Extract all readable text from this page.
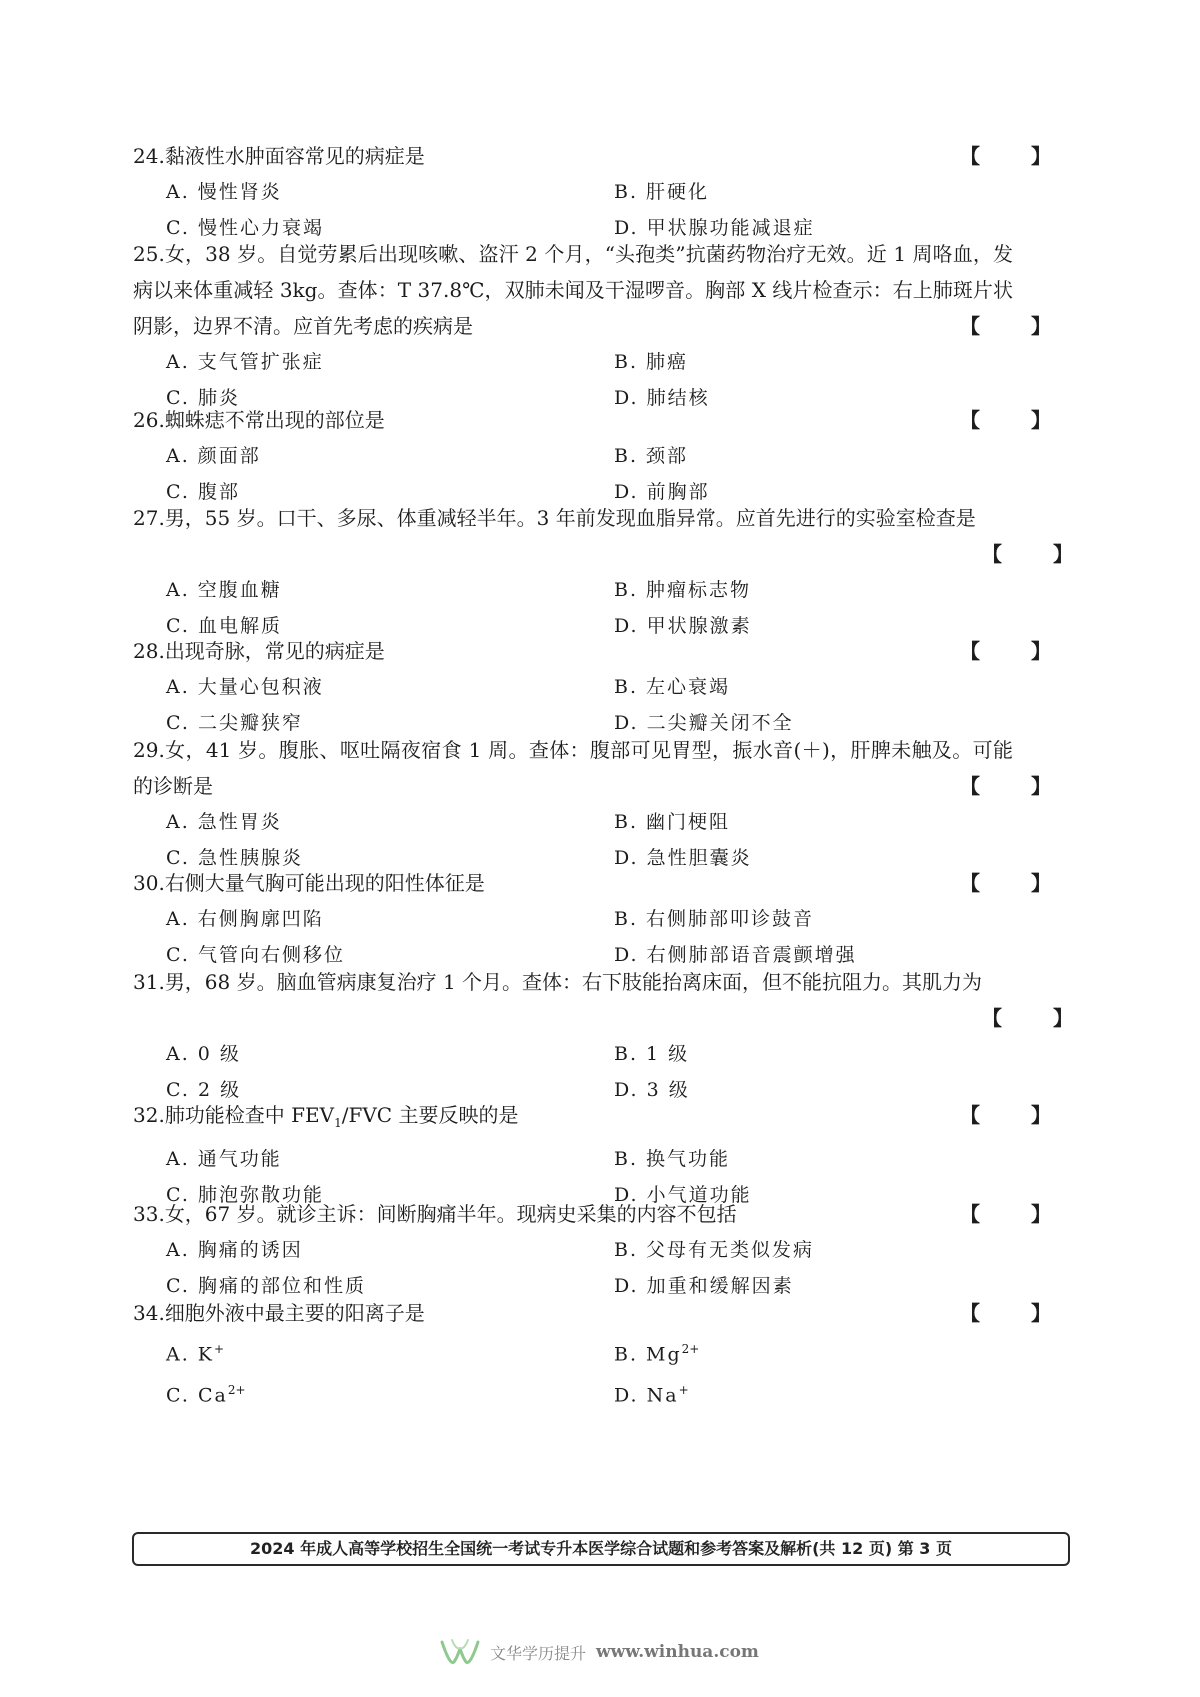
24.黏液性水肿面容常见的病症是	【 】

A. 慢性肾炎	B. 肝硬化
C. 慢性心力衰竭	D. 甲状腺功能减退症

25.女，38 岁。自觉劳累后出现咳嗽、盗汗 2 个月，“头孢类”抗菌药物治疗无效。近 1 周咯血，发病以来体重减轻 3kg。查体：T 37.8℃，双肺未闻及干湿啰音。胸部 X 线片检查示：右上肺斑片状阴影，边界不清。应首先考虑的疾病是	【 】

A. 支气管扩张症	B. 肺癌
C. 肺炎	D. 肺结核

26.蜘蛛痣不常出现的部位是	【 】

A. 颜面部	B. 颈部
C. 腹部	D. 前胸部

27.男，55 岁。口干、多尿、体重减轻半年。3 年前发现血脂异常。应首先进行的实验室检查是

【 】
A. 空腹血糖	B. 肿瘤标志物
C. 血电解质	D. 甲状腺激素

28.出现奇脉，常见的病症是	【 】

A. 大量心包积液	B. 左心衰竭
C. 二尖瓣狭窄	D. 二尖瓣关闭不全

29.女，41 岁。腹胀、呕吐隔夜宿食 1 周。查体：腹部可见胃型，振水音(＋)，肝脾未触及。可能的诊断是	【 】

A. 急性胃炎	B. 幽门梗阻
C. 急性胰腺炎	D. 急性胆囊炎

30.右侧大量气胸可能出现的阳性体征是	【 】

A. 右侧胸廓凹陷	B. 右侧肺部叩诊鼓音
C. 气管向右侧移位	D. 右侧肺部语音震颤增强

31.男，68 岁。脑血管病康复治疗 1 个月。查体：右下肢能抬离床面，但不能抗阻力。其肌力为

【 】
A. 0 级	B. 1 级
C. 2 级	D. 3 级

32.肺功能检查中 $FEV_1$/FVC 主要反映的是	【 】

A. 通气功能	B. 换气功能
C. 肺泡弥散功能	D. 小气道功能

33.女，67 岁。就诊主诉：间断胸痛半年。现病史采集的内容不包括	【 】

A. 胸痛的诱因	B. 父母有无类似发病
C. 胸痛的部位和性质	D. 加重和缓解因素

34.细胞外液中最主要的阳离子是	【 】

A. K+	B. $Mg^{2+}$
C. $Ca^{2+}$	D. Na+
2024 年成人高等学校招生全国统一考试专升本医学综合试题和参考答案及解析(共 12 页) 第 3 页
文华学历提升 www.winhua.com
